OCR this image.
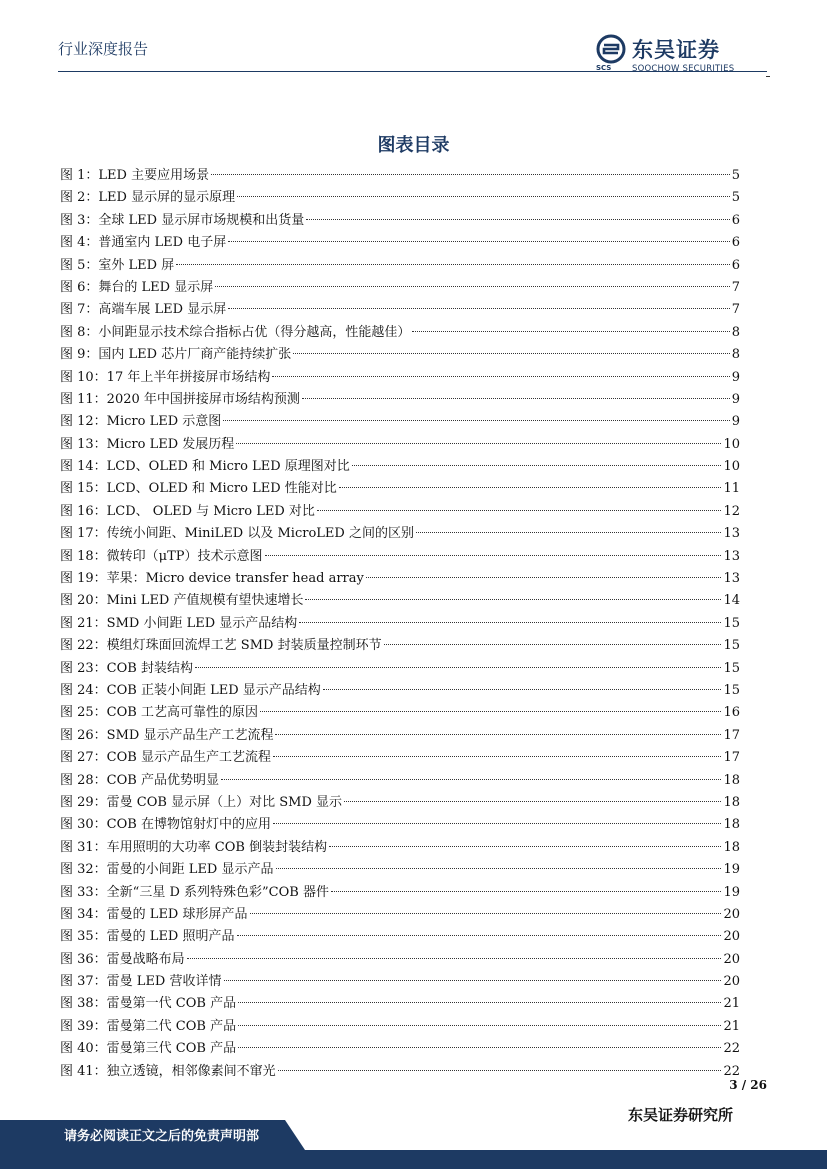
行业深度报告	东吴证券
SCS SOOCHOW SECURITIES
图表目录
图 1：LED 主要应用场景	5
图 2：LED 显示屏的显示原理	5
图 3：全球 LED 显示屏市场规模和出货量	6
图 4：普通室内 LED 电子屏	6
图 5：室外 LED 屏	6
图 6：舞台的 LED 显示屏	7
图 7：高端车展 LED 显示屏	7
图 8：小间距显示技术综合指标占优（得分越高，性能越佳）	8
图 9：国内 LED 芯片厂商产能持续扩张	8
图 10：17 年上半年拼接屏市场结构	9
图 11：2020 年中国拼接屏市场结构预测	9
图 12：Micro LED 示意图	9
图 13：Micro LED 发展历程	10
图 14：LCD、OLED 和 Micro LED 原理图对比	10
图 15：LCD、OLED 和 Micro LED 性能对比	11
图 16：LCD、 OLED 与 Micro LED 对比	12
图 17：传统小间距、MiniLED 以及 MicroLED 之间的区别	13
图 18：微转印（μTP）技术示意图	13
图 19：苹果：Micro device transfer head array	13
图 20：Mini LED 产值规模有望快速增长	14
图 21：SMD 小间距 LED 显示产品结构	15
图 22：模组灯珠面回流焊工艺 SMD 封装质量控制环节	15
图 23：COB 封装结构	15
图 24：COB 正装小间距 LED 显示产品结构	15
图 25：COB 工艺高可靠性的原因	16
图 26：SMD 显示产品生产工艺流程	17
图 27：COB 显示产品生产工艺流程	17
图 28：COB 产品优势明显	18
图 29：雷曼 COB 显示屏（上）对比 SMD 显示	18
图 30：COB 在博物馆射灯中的应用	18
图 31：车用照明的大功率 COB 倒装封装结构	18
图 32：雷曼的小间距 LED 显示产品	19
图 33：全新“三星 D 系列特殊色彩”COB 器件	19
图 34：雷曼的 LED 球形屏产品	20
图 35：雷曼的 LED 照明产品	20
图 36：雷曼战略布局	20
图 37：雷曼 LED 营收详情	20
图 38：雷曼第一代 COB 产品	21
图 39：雷曼第二代 COB 产品	21
图 40：雷曼第三代 COB 产品	22
图 41：独立透镜，相邻像素间不窜光	22
3 / 26
东吴证券研究所
请务必阅读正文之后的免责声明部
